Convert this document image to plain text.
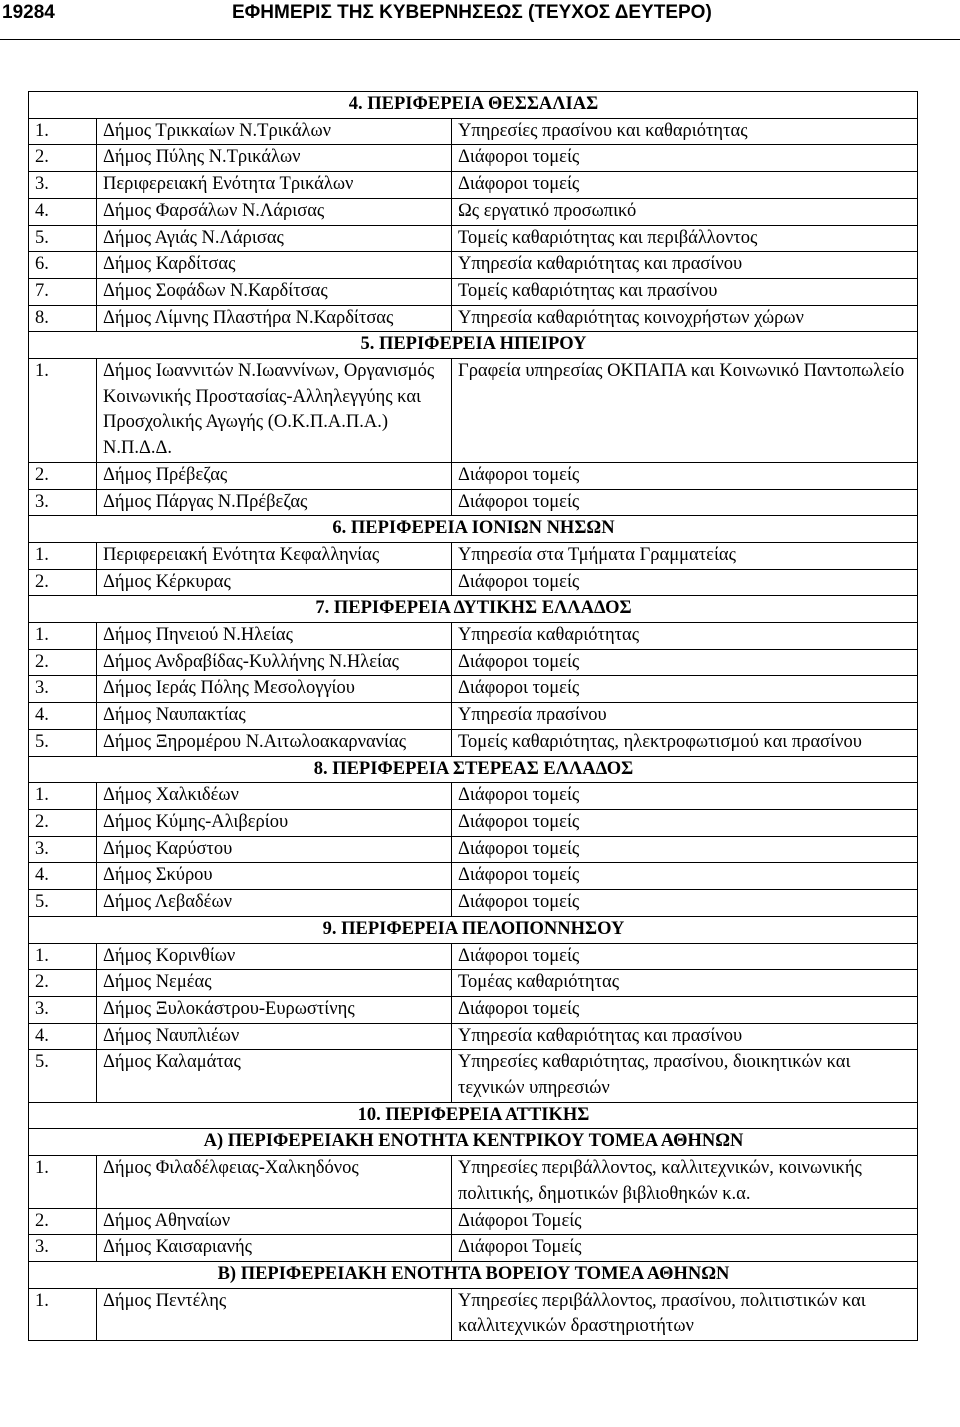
19284	ΕΦΗΜΕΡΙΣ ΤΗΣ ΚΥΒΕΡΝΗΣΕΩΣ (ΤΕΥΧΟΣ ΔΕΥΤΕΡΟ)
4. ΠΕΡΙΦΕΡΕΙΑ ΘΕΣΣΑΛΙΑΣ		
1.	Δήμος Τρικκαίων Ν.Τρικάλων	Υπηρεσίες πρασίνου και καθαριότητας
2.	Δήμος Πύλης Ν.Τρικάλων	Διάφοροι τομείς
3.	Περιφερειακή Ενότητα Τρικάλων	Διάφοροι τομείς
4.	Δήμος Φαρσάλων Ν.Λάρισας	Ως εργατικό προσωπικό
5.	Δήμος Αγιάς Ν.Λάρισας	Τομείς καθαριότητας και περιβάλλοντος
6.	Δήμος Καρδίτσας	Υπηρεσία καθαριότητας και πρασίνου
7.	Δήμος Σοφάδων Ν.Καρδίτσας	Τομείς καθαριότητας και πρασίνου
8.	Δήμος Λίμνης Πλαστήρα Ν.Καρδίτσας	Υπηρεσία καθαριότητας κοινοχρήστων χώρων
5. ΠΕΡΙΦΕΡΕΙΑ ΗΠΕΙΡΟΥ		
1.	Δήμος Ιωαννιτών Ν.Ιωαννίνων, Οργανισμός Κοινωνικής Προστασίας-Αλληλεγγύης και Προσχολικής Αγωγής (Ο.Κ.Π.Α.Π.Α.) Ν.Π.Δ.Δ.	Γραφεία υπηρεσίας ΟΚΠΑΠΑ και Κοινωνικό Παντοπωλείο
2.	Δήμος Πρέβεζας	Διάφοροι τομείς
3.	Δήμος Πάργας Ν.Πρέβεζας	Διάφοροι τομείς
6. ΠΕΡΙΦΕΡΕΙΑ ΙΟΝΙΩΝ ΝΗΣΩΝ		
1.	Περιφερειακή Ενότητα Κεφαλληνίας	Υπηρεσία στα Τμήματα Γραμματείας
2.	Δήμος Κέρκυρας	Διάφοροι τομείς
7. ΠΕΡΙΦΕΡΕΙΑ ΔΥΤΙΚΗΣ ΕΛΛΑΔΟΣ		
1.	Δήμος Πηνειού Ν.Ηλείας	Υπηρεσία καθαριότητας
2.	Δήμος Ανδραβίδας-Κυλλήνης Ν.Ηλείας	Διάφοροι τομείς
3.	Δήμος Ιεράς Πόλης Μεσολογγίου	Διάφοροι τομείς
4.	Δήμος Ναυπακτίας	Υπηρεσία πρασίνου
5.	Δήμος Ξηρομέρου Ν.Αιτωλοακαρνανίας	Τομείς καθαριότητας, ηλεκτροφωτισμού και πρασίνου
8. ΠΕΡΙΦΕΡΕΙΑ ΣΤΕΡΕΑΣ ΕΛΛΑΔΟΣ		
1.	Δήμος Χαλκιδέων	Διάφοροι τομείς
2.	Δήμος Κύμης-Αλιβερίου	Διάφοροι τομείς
3.	Δήμος Καρύστου	Διάφοροι τομείς
4.	Δήμος Σκύρου	Διάφοροι τομείς
5.	Δήμος Λεβαδέων	Διάφοροι τομείς
9. ΠΕΡΙΦΕΡΕΙΑ ΠΕΛΟΠΟΝΝΗΣΟΥ		
1.	Δήμος Κορινθίων	Διάφοροι τομείς
2.	Δήμος Νεμέας	Τομέας καθαριότητας
3.	Δήμος Ξυλοκάστρου-Ευρωστίνης	Διάφοροι τομείς
4.	Δήμος Ναυπλιέων	Υπηρεσία καθαριότητας και πρασίνου
5.	Δήμος Καλαμάτας	Υπηρεσίες καθαριότητας, πρασίνου, διοικητικών και τεχνικών υπηρεσιών
10. ΠΕΡΙΦΕΡΕΙΑ ΑΤΤΙΚΗΣ		
Α) ΠΕΡΙΦΕΡΕΙΑΚΗ ΕΝΟΤΗΤΑ ΚΕΝΤΡΙΚΟΥ ΤΟΜΕΑ ΑΘΗΝΩΝ		
1.	Δήμος Φιλαδέλφειας-Χαλκηδόνος	Υπηρεσίες περιβάλλοντος, καλλιτεχνικών, κοινωνικής πολιτικής, δημοτικών βιβλιοθηκών κ.α.
2.	Δήμος Αθηναίων	Διάφοροι Τομείς
3.	Δήμος Καισαριανής	Διάφοροι Τομείς
Β) ΠΕΡΙΦΕΡΕΙΑΚΗ ΕΝΟΤΗΤΑ ΒΟΡΕΙΟΥ ΤΟΜΕΑ ΑΘΗΝΩΝ		
1.	Δήμος Πεντέλης	Υπηρεσίες περιβάλλοντος, πρασίνου, πολιτιστικών και καλλιτεχνικών δραστηριοτήτων
